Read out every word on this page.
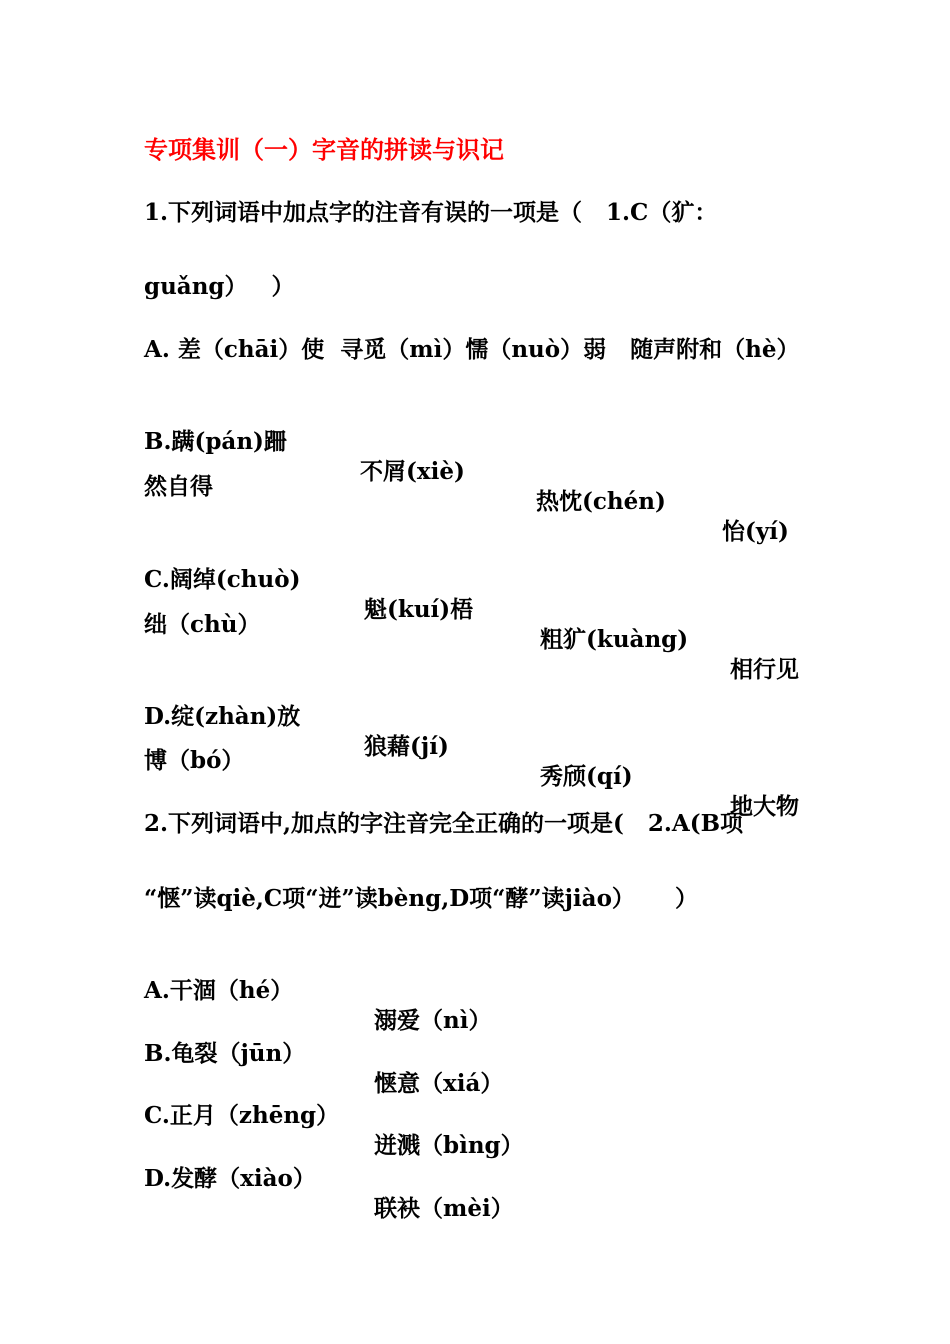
专项集训（一）字音的拼读与识记
1.下列词语中加点字的注音有误的一项是（   1.C（犷：
guǎng）   ）
A. 差（chāi）使  寻觅（mì）懦（nuò）弱   随声附和（hè）

B.蹒(pán)跚

不屑(xiè)

热忱(chén)

怡(yí)

然自得

C.阔绰(chuò)

魁(kuí)梧

粗犷(kuàng)

相行见

绌（chù）

D.绽(zhàn)放

狼藉(jí)

秀颀(qí)

地大物

博（bó）
2.下列词语中,加点的字注音完全正确的一项是(   2.A(B项
“惬”读qiè,C项“迸”读bèng,D项“酵”读jiào）     ）

A.干涸（hé）

溺爱（nì）

B.龟裂（jūn）

惬意（xiá）

C.正月（zhēng）

迸溅（bìng）

D.发酵（xiào）

联袂（mèi）
